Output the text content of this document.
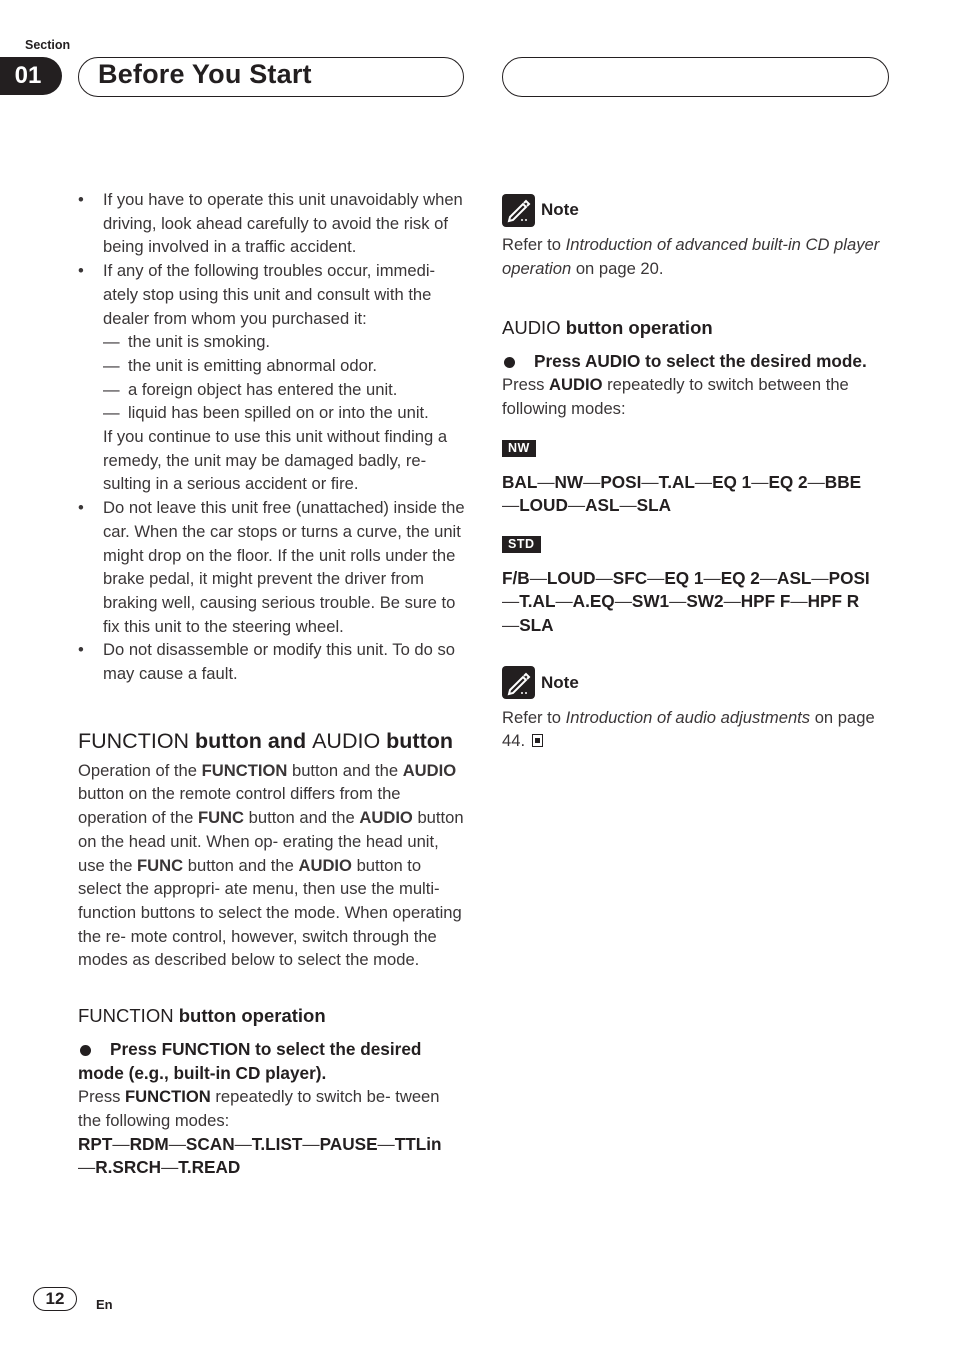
Section
01	Before You Start
• If you have to operate this unit unavoidably when driving, look ahead carefully to avoid the risk of being involved in a traffic accident.
• If any of the following troubles occur, immedi- ately stop using this unit and consult with the dealer from whom you purchased it:
— the unit is smoking.
— the unit is emitting abnormal odor.
— a foreign object has entered the unit.
— liquid has been spilled on or into the unit.
If you continue to use this unit without finding a remedy, the unit may be damaged badly, re- sulting in a serious accident or fire.
• Do not leave this unit free (unattached) inside the car. When the car stops or turns a curve, the unit might drop on the floor. If the unit rolls under the brake pedal, it might prevent the driver from braking well, causing serious trouble. Be sure to fix this unit to the steering wheel.
• Do not disassemble or modify this unit. To do so may cause a fault.
FUNCTION button and AUDIO button

Operation of the FUNCTION button and the AUDIO button on the remote control differs from the operation of the FUNC button and the AUDIO button on the head unit. When op- erating the head unit, use the FUNC button and the AUDIO button to select the appropri- ate menu, then use the multi-function buttons to select the mode. When operating the re- mote control, however, switch through the modes as described below to select the mode.

FUNCTION button operation
Press FUNCTION to select the desired mode (e.g., built-in CD player).
Press FUNCTION repeatedly to switch be- tween the following modes:
RPT—RDM—SCAN—T.LIST—PAUSE—TTLin
—R.SRCH—T.READ
Note

Refer to Introduction of advanced built-in CD player operation on page 20.

AUDIO button operation
Press AUDIO to select the desired mode.
Press AUDIO repeatedly to switch between the following modes:
NW
BAL—NW—POSI—T.AL—EQ 1—EQ 2—BBE
—LOUD—ASL—SLA
STD
F/B—LOUD—SFC—EQ 1—EQ 2—ASL—POSI
—T.AL—A.EQ—SW1—SW2—HPF F—HPF R
—SLA
Note

Refer to Introduction of audio adjustments on page 44.

12	En
